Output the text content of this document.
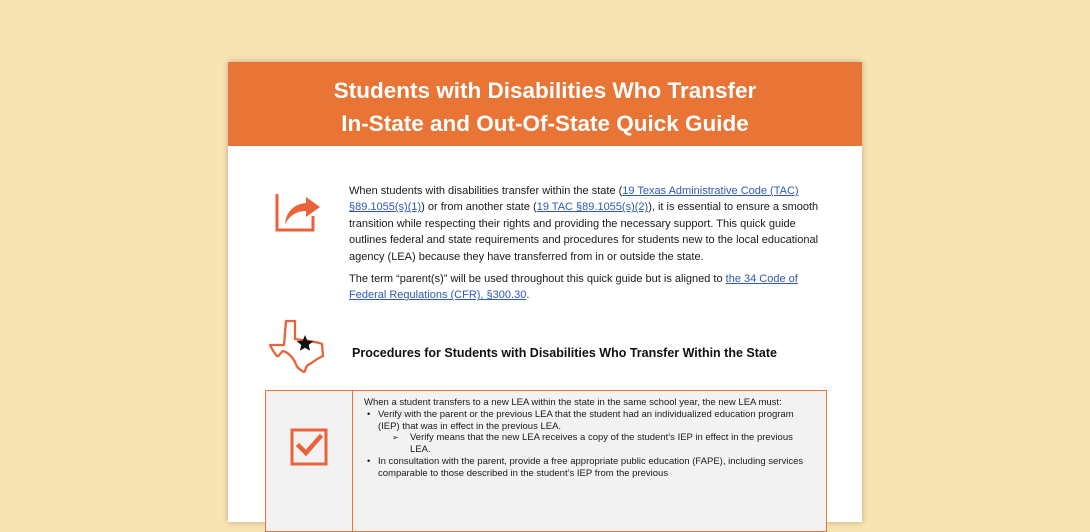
Students with Disabilities Who Transfer
In-State and Out-Of-State Quick Guide

When students with disabilities transfer within the state (19 Texas Administrative Code (TAC) §89.1055(s)(1)) or from another state (19 TAC §89.1055(s)(2)), it is essential to ensure a smooth transition while respecting their rights and providing the necessary support. This quick guide outlines federal and state requirements and procedures for students new to the local educational agency (LEA) because they have transferred from in or outside the state.

The term “parent(s)” will be used throughout this quick guide but is aligned to the 34 Code of Federal Regulations (CFR), §300.30.

Procedures for Students with Disabilities Who Transfer Within the State

When a student transfers to a new LEA within the state in the same school year, the new LEA must:

• Verify with the parent or the previous LEA that the student had an individualized education program (IEP) that was in effect in the previous LEA.
➢ Verify means that the new LEA receives a copy of the student’s IEP in effect in the previous LEA.
• In consultation with the parent, provide a free appropriate public education (FAPE), including services comparable to those described in the student’s IEP from the previous
